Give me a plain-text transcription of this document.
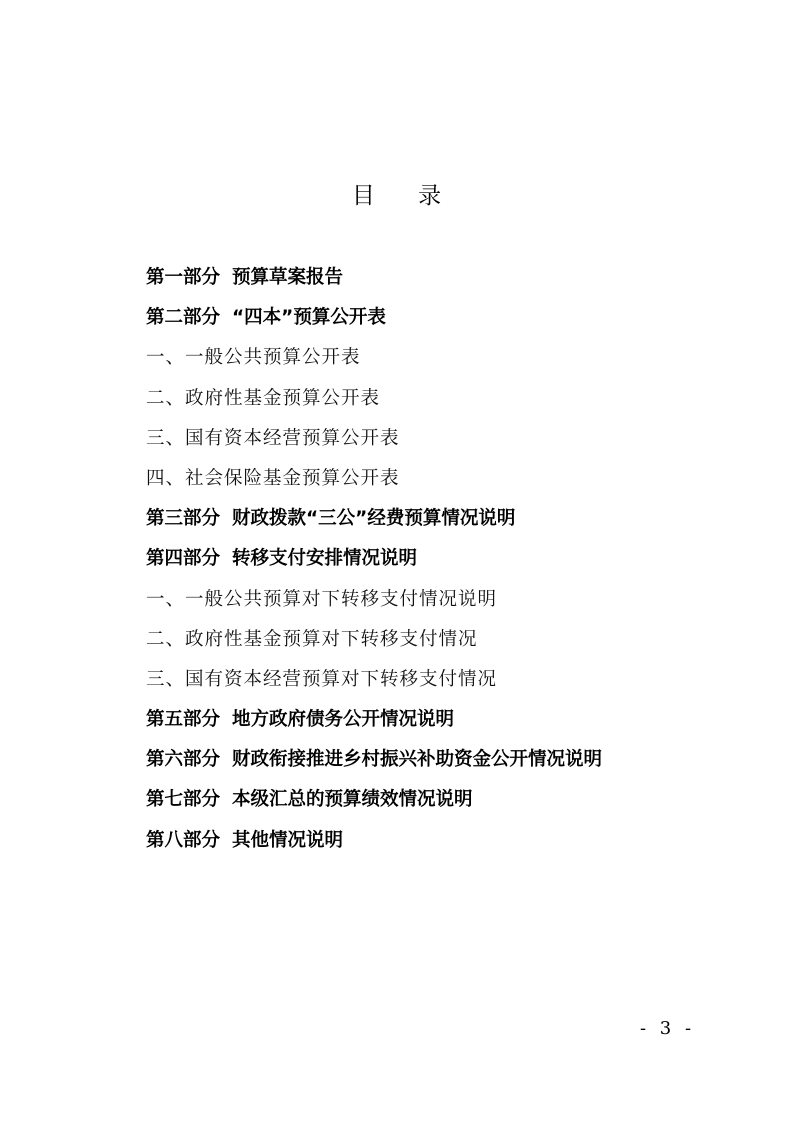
目 录
第一部分 预算草案报告
第二部分 “四本”预算公开表
一、一般公共预算公开表
二、政府性基金预算公开表
三、国有资本经营预算公开表
四、社会保险基金预算公开表
第三部分 财政拨款“三公”经费预算情况说明
第四部分 转移支付安排情况说明
一、一般公共预算对下转移支付情况说明
二、政府性基金预算对下转移支付情况
三、国有资本经营预算对下转移支付情况
第五部分 地方政府债务公开情况说明
第六部分 财政衔接推进乡村振兴补助资金公开情况说明
第七部分 本级汇总的预算绩效情况说明
第八部分 其他情况说明
- 3 -
